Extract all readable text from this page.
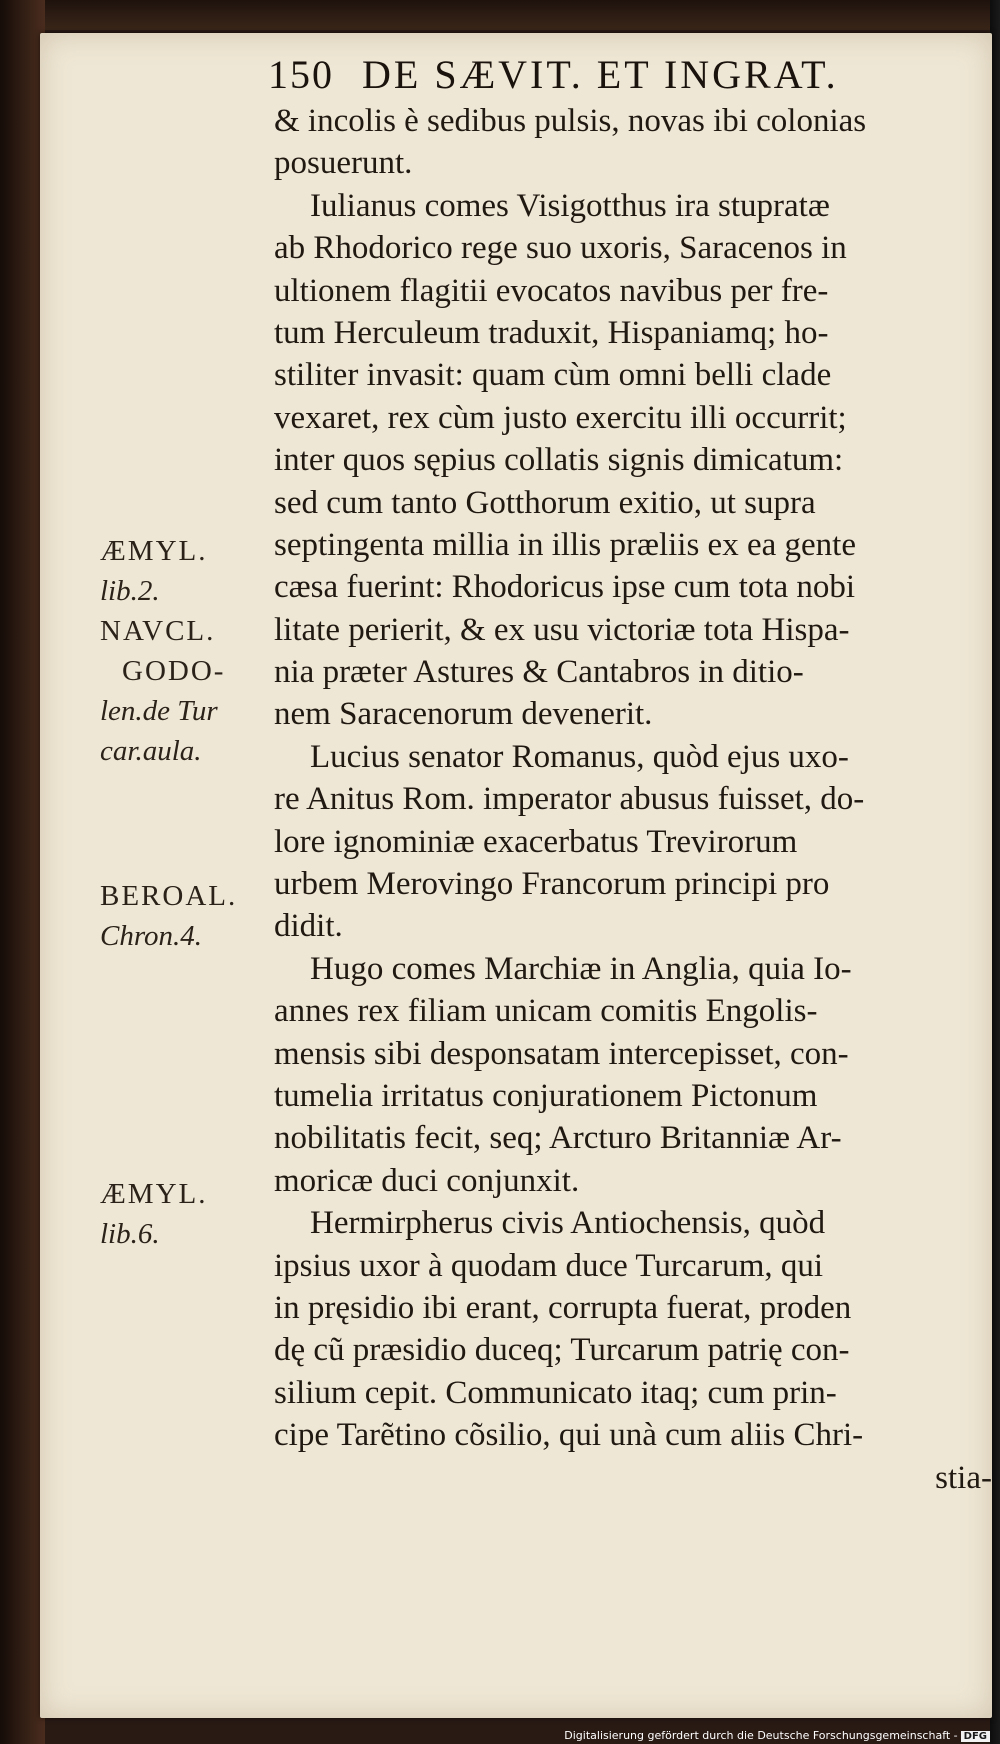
150 DE SÆVIT. ET INGRAT.
& incolis è sedibus pulsis, novas ibi colonias
posuerunt.
Iulianus comes Visigotthus ira stupratæ
ab Rhodorico rege suo uxoris, Saracenos in
ultionem flagitii evocatos navibus per fre-
tum Herculeum traduxit, Hispaniamq; ho-
stiliter invasit: quam cùm omni belli clade
vexaret, rex cùm justo exercitu illi occurrit;
inter quos sępius collatis signis dimicatum:
sed cum tanto Gotthorum exitio, ut supra
septingenta millia in illis præliis ex ea gente
cæsa fuerint: Rhodoricus ipse cum tota nobi
litate perierit, & ex usu victoriæ tota Hispa-
nia præter Astures & Cantabros in ditio-
nem Saracenorum devenerit.
Lucius senator Romanus, quòd ejus uxo-
re Anitus Rom. imperator abusus fuisset, do-
lore ignominiæ exacerbatus Trevirorum
urbem Merovingo Francorum principi pro
didit.
Hugo comes Marchiæ in Anglia, quia Io-
annes rex filiam unicam comitis Engolis-
mensis sibi desponsatam intercepisset, con-
tumelia irritatus conjurationem Pictonum
nobilitatis fecit, seq; Arcturo Britanniæ Ar-
moricæ duci conjunxit.
Hermirpherus civis Antiochensis, quòd
ipsius uxor à quodam duce Turcarum, qui
in pręsidio ibi erant, corrupta fuerat, proden
dę cũ præsidio duceq; Turcarum patrię con-
silium cepit. Communicato itaq; cum prin-
cipe Tarẽtino cõsilio, qui unà cum aliis Chri-
stia-
ÆMYL.
lib.2.
NAVCL.
GODO-
len.de Tur
car.aula.
BEROAL.
Chron.4.
ÆMYL.
lib.6.
Digitalisierung gefördert durch die Deutsche Forschungsgemeinschaft - DFG
